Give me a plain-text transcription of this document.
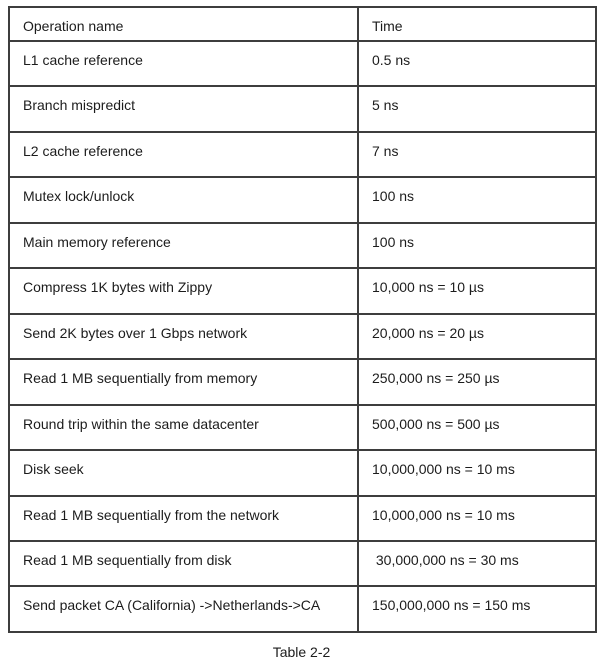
Operation name	Time
L1 cache reference	0.5 ns
Branch mispredict	5 ns
L2 cache reference	7 ns
Mutex lock/unlock	100 ns
Main memory reference	100 ns
Compress 1K bytes with Zippy	10,000 ns = 10 µs
Send 2K bytes over 1 Gbps network	20,000 ns = 20 µs
Read 1 MB sequentially from memory	250,000 ns = 250 µs
Round trip within the same datacenter	500,000 ns = 500 µs
Disk seek	10,000,000 ns = 10 ms
Read 1 MB sequentially from the network	10,000,000 ns = 10 ms
Read 1 MB sequentially from disk	30,000,000 ns = 30 ms
Send packet CA (California) ->Netherlands->CA	150,000,000 ns = 150 ms
Table 2-2
